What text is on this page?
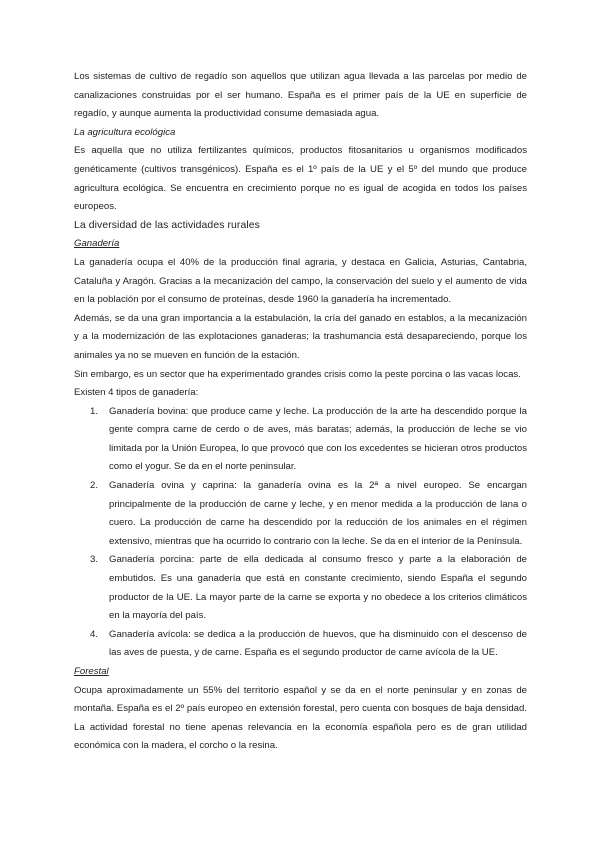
Los sistemas de cultivo de regadío son aquellos que utilizan agua llevada a las parcelas por medio de canalizaciones construidas por el ser humano. España es el primer país de la UE en superficie de regadío, y aunque aumenta la productividad consume demasiada agua.

La agricultura ecológica

Es aquella que no utiliza fertilizantes químicos, productos fitosanitarios u organismos modificados genéticamente (cultivos transgénicos). España es el 1º país de la UE y el 5º del mundo que produce agricultura ecológica. Se encuentra en crecimiento porque no es igual de acogida en todos los países europeos.

La diversidad de las actividades rurales

Ganadería

La ganadería ocupa el 40% de la producción final agraria, y destaca en Galicia, Asturias, Cantabria, Cataluña y Aragón. Gracias a la mecanización del campo, la conservación del suelo y el aumento de vida en la población por el consumo de proteínas, desde 1960 la ganadería ha incrementado.

Además, se da una gran importancia a la estabulación, la cría del ganado en establos, a la mecanización y a la modernización de las explotaciones ganaderas; la trashumancia está desapareciendo, porque los animales ya no se mueven en función de la estación.

Sin embargo, es un sector que ha experimentado grandes crisis como la peste porcina o las vacas locas.

Existen 4 tipos de ganadería:

1. Ganadería bovina: que produce carne y leche. La producción de la arte ha descendido porque la gente compra carne de cerdo o de aves, más baratas; además, la producción de leche se vio limitada por la Unión Europea, lo que provocó que con los excedentes se hicieran otros productos como el yogur. Se da en el norte peninsular.
2. Ganadería ovina y caprina: la ganadería ovina es la 2ª a nivel europeo. Se encargan principalmente de la producción de carne y leche, y en menor medida a la producción de lana o cuero. La producción de carne ha descendido por la reducción de los animales en el régimen extensivo, mientras que ha ocurrido lo contrario con la leche. Se da en el interior de la Península.
3. Ganadería porcina: parte de ella dedicada al consumo fresco y parte a la elaboración de embutidos. Es una ganadería que está en constante crecimiento, siendo España el segundo productor de la UE. La mayor parte de la carne se exporta y no obedece a los criterios climáticos en la mayoría del país.
4. Ganadería avícola: se dedica a la producción de huevos, que ha disminuido con el descenso de las aves de puesta, y de carne. España es el segundo productor de carne avícola de la UE.

Forestal

Ocupa aproximadamente un 55% del territorio español y se da en el norte peninsular y en zonas de montaña. España es el 2º país europeo en extensión forestal, pero cuenta con bosques de baja densidad. La actividad forestal no tiene apenas relevancia en la economía española pero es de gran utilidad económica con la madera, el corcho o la resina.
